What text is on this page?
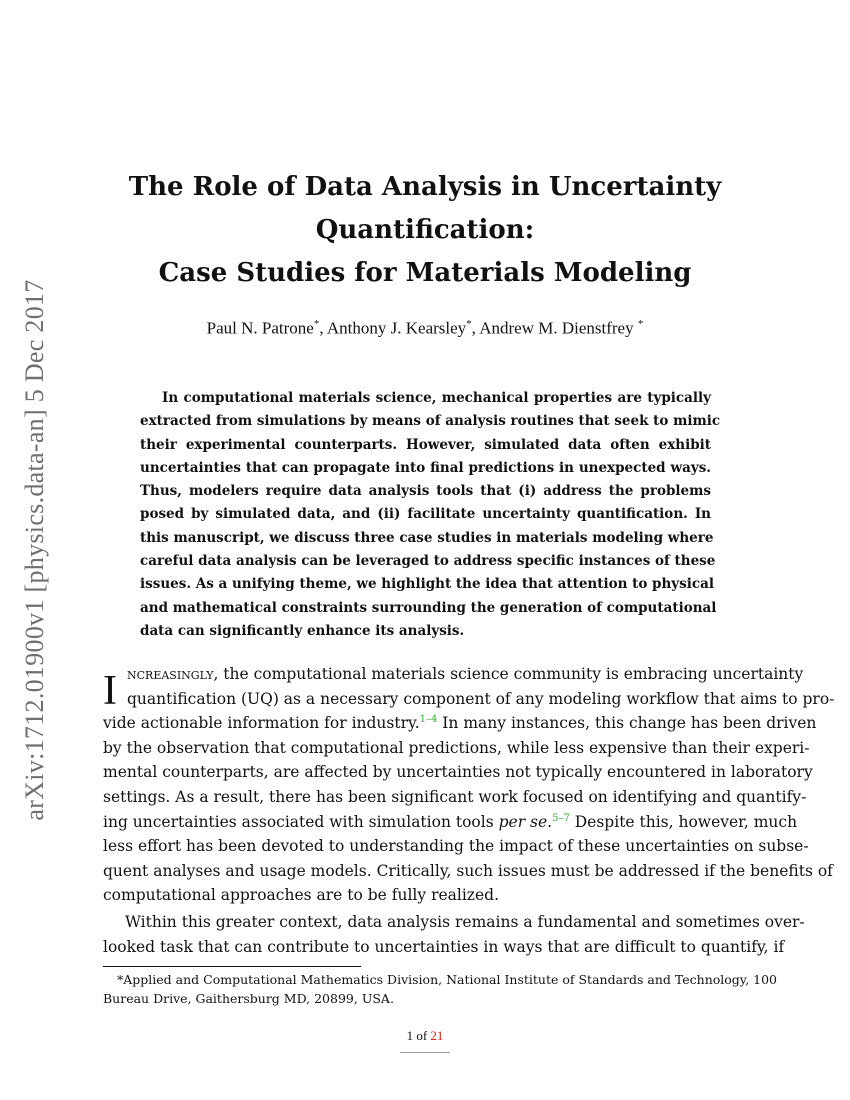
arXiv:1712.01900v1 [physics.data-an] 5 Dec 2017
The Role of Data Analysis in Uncertainty
Quantification:
Case Studies for Materials Modeling
Paul N. Patrone*, Anthony J. Kearsley*, Andrew M. Dienstfrey *
In computational materials science, mechanical properties are typically
extracted from simulations by means of analysis routines that seek to mimic
their experimental counterparts. However, simulated data often exhibit
uncertainties that can propagate into final predictions in unexpected ways.
Thus, modelers require data analysis tools that (i) address the problems
posed by simulated data, and (ii) facilitate uncertainty quantification. In
this manuscript, we discuss three case studies in materials modeling where
careful data analysis can be leveraged to address specific instances of these
issues. As a unifying theme, we highlight the idea that attention to physical
and mathematical constraints surrounding the generation of computational
data can significantly enhance its analysis.
I ncreasingly, the computational materials science community is embracing uncertainty
quantification (UQ) as a necessary component of any modeling workflow that aims to pro-
vide actionable information for industry.$^{1-4}$ In many instances, this change has been driven
by the observation that computational predictions, while less expensive than their experi-
mental counterparts, are affected by uncertainties not typically encountered in laboratory
settings. As a result, there has been significant work focused on identifying and quantify-
ing uncertainties associated with simulation tools per se.$^{5-7}$ Despite this, however, much
less effort has been devoted to understanding the impact of these uncertainties on subse-
quent analyses and usage models. Critically, such issues must be addressed if the benefits of
computational approaches are to be fully realized.
Within this greater context, data analysis remains a fundamental and sometimes over-
looked task that can contribute to uncertainties in ways that are difficult to quantify, if
*Applied and Computational Mathematics Division, National Institute of Standards and Technology, 100
Bureau Drive, Gaithersburg MD, 20899, USA.
1 of 21
